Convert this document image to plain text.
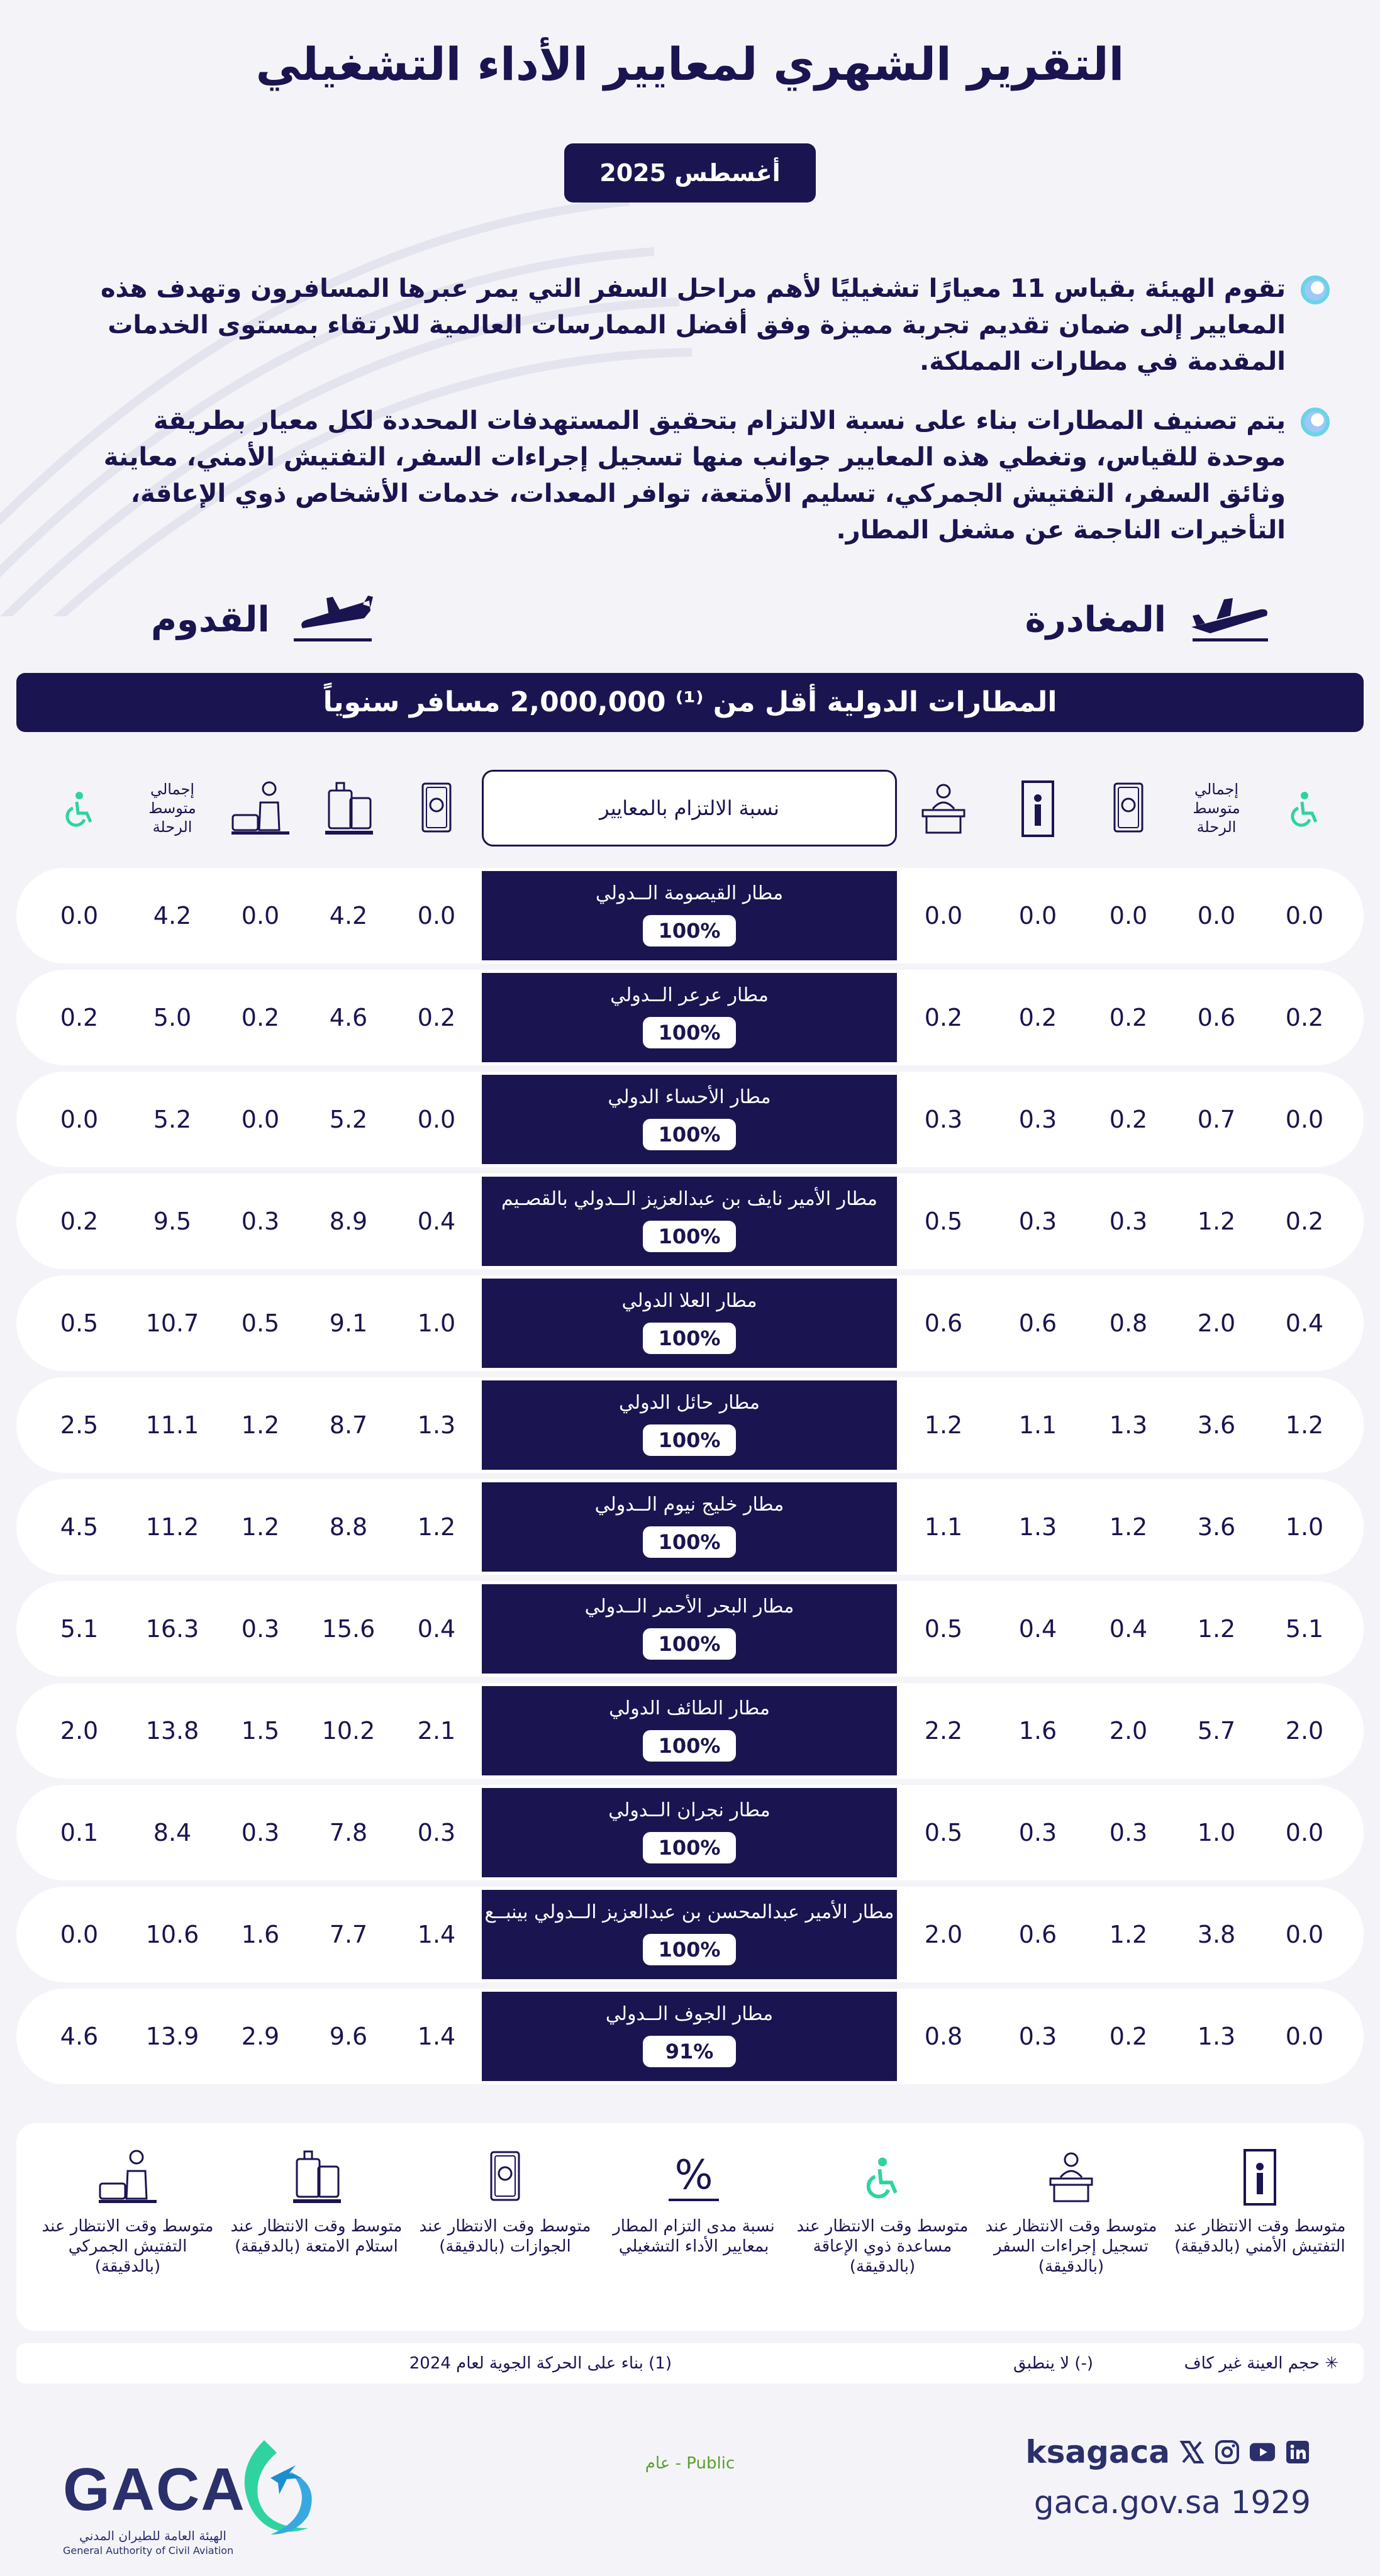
التقرير الشهري لمعايير الأداء التشغيلي
أغسطس 2025

تقوم الهيئة بقياس 11 معيارًا تشغيليًا لأهم مراحل السفر التي يمر عبرها المسافرون وتهدف هذه المعايير إلى ضمان تقديم تجربة مميزة وفق أفضل الممارسات العالمية للارتقاء بمستوى الخدمات المقدمة في مطارات المملكة.

يتم تصنيف المطارات بناء على نسبة الالتزام بتحقيق المستهدفات المحددة لكل معيار بطريقة موحدة للقياس، وتغطي هذه المعايير جوانب منها تسجيل إجراءات السفر، التفتيش الأمني، معاينة وثائق السفر، التفتيش الجمركي، تسليم الأمتعة، توافر المعدات، خدمات الأشخاص ذوي الإعاقة، التأخيرات الناجمة عن مشغل المطار.

المغادرة
القدوم
المطارات الدولية أقل من ⁽¹⁾ 2,000,000 مسافر سنوياً
إجمالي متوسط الرحلة
نسبة الالتزام بالمعايير
إجمالي متوسط الرحلة
0.0
0.0
0.0
0.0
0.0
مطار القيصومة الــدولي
100%
0.0
4.2
0.0
4.2
0.0
0.2
0.6
0.2
0.2
0.2
مطار عرعر الــدولي
100%
0.2
4.6
0.2
5.0
0.2
0.0
0.7
0.2
0.3
0.3
مطار الأحساء الدولي
100%
0.0
5.2
0.0
5.2
0.0
0.2
1.2
0.3
0.3
0.5
مطار الأمير نايف بن عبدالعزيز الــدولي بالقصـيم
100%
0.4
8.9
0.3
9.5
0.2
0.4
2.0
0.8
0.6
0.6
مطار العلا الدولي
100%
1.0
9.1
0.5
10.7
0.5
1.2
3.6
1.3
1.1
1.2
مطار حائل الدولي
100%
1.3
8.7
1.2
11.1
2.5
1.0
3.6
1.2
1.3
1.1
مطار خليج نيوم الــدولي
100%
1.2
8.8
1.2
11.2
4.5
5.1
1.2
0.4
0.4
0.5
مطار البحر الأحمر الــدولي
100%
0.4
15.6
0.3
16.3
5.1
2.0
5.7
2.0
1.6
2.2
مطار الطائف الدولي
100%
2.1
10.2
1.5
13.8
2.0
0.0
1.0
0.3
0.3
0.5
مطار نجران الــدولي
100%
0.3
7.8
0.3
8.4
0.1
0.0
3.8
1.2
0.6
2.0
مطار الأمير عبدالمحسن بن عبدالعزيز الــدولي بينبــع
100%
1.4
7.7
1.6
10.6
0.0
0.0
1.3
0.2
0.3
0.8
مطار الجوف الــدولي
91%
1.4
9.6
2.9
13.9
4.6
متوسط وقت الانتظار عند التفتيش الأمني (بالدقيقة)
متوسط وقت الانتظار عند تسجيل إجراءات السفر (بالدقيقة)
متوسط وقت الانتظار عند مساعدة ذوي الإعاقة (بالدقيقة)
%
نسبة مدى التزام المطار بمعايير الأداء التشغيلي
متوسط وقت الانتظار عند الجوازات (بالدقيقة)
متوسط وقت الانتظار عند استلام الامتعة (بالدقيقة)
متوسط وقت الانتظار عند التفتيش الجمركي (بالدقيقة)
✳ حجم العينة غير كاف
(-) لا ينطبق
(1) بناء على الحركة الجوية لعام 2024
ksagaca
gaca.gov.sa 1929
Public - عام
GACA
الهيئة العامة للطيران المدني
General Authority of Civil Aviation
